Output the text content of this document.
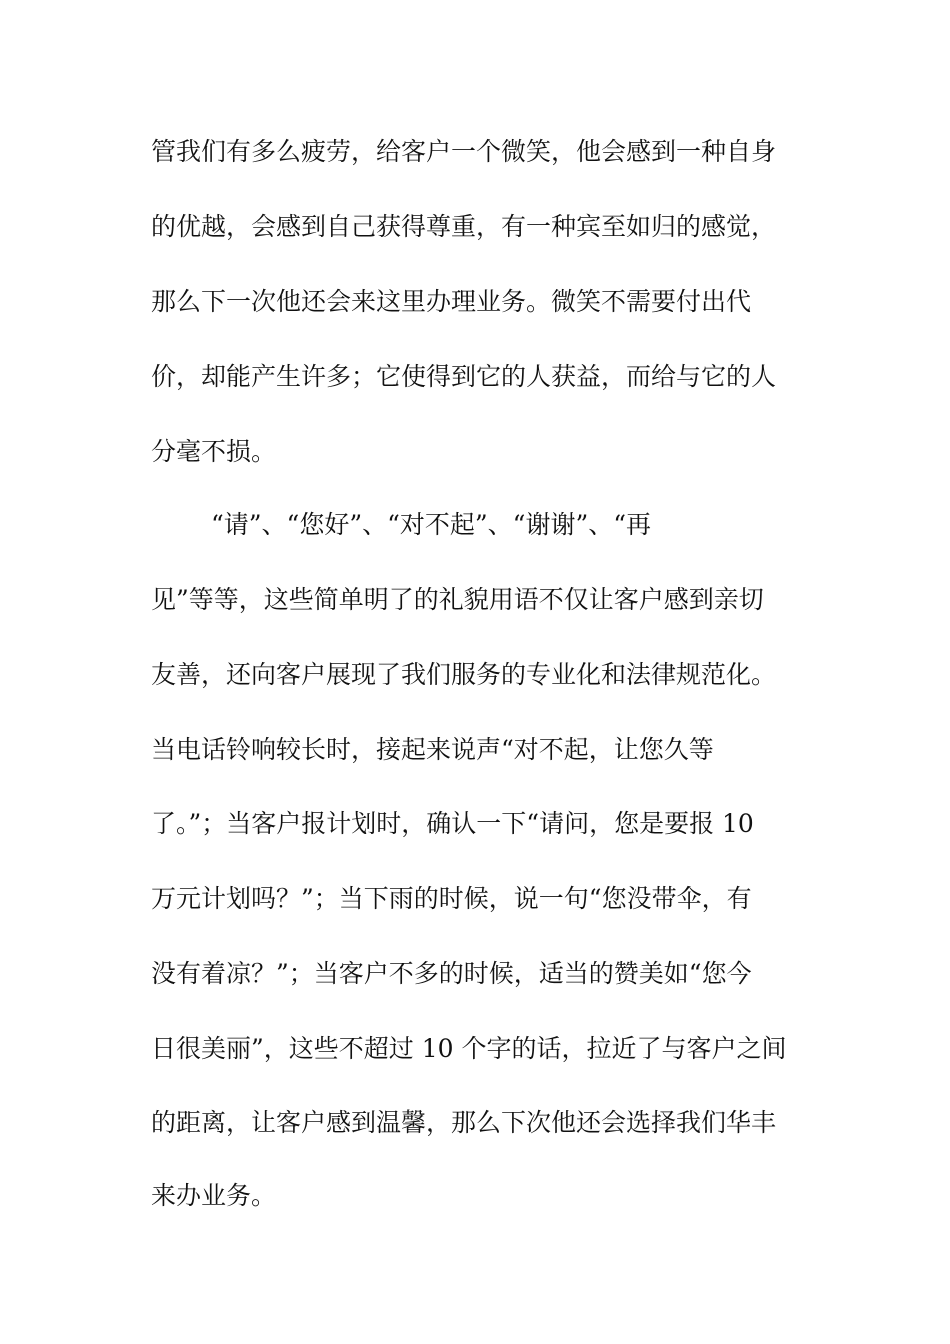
管我们有多么疲劳，给客户一个微笑，他会感到一种自身
的优越，会感到自己获得尊重，有一种宾至如归的感觉，
那么下一次他还会来这里办理业务。微笑不需要付出代
价，却能产生许多；它使得到它的人获益，而给与它的人
分毫不损。
“请”、“您好”、“对不起”、“谢谢”、“再
见”等等，这些简单明了的礼貌用语不仅让客户感到亲切
友善，还向客户展现了我们服务的专业化和法律规范化。
当电话铃响较长时，接起来说声“对不起，让您久等
了。”；当客户报计划时，确认一下“请问，您是要报 10
万元计划吗？”；当下雨的时候，说一句“您没带伞，有
没有着凉？”；当客户不多的时候，适当的赞美如“您今
日很美丽”，这些不超过 10 个字的话，拉近了与客户之间
的距离，让客户感到温馨，那么下次他还会选择我们华丰
来办业务。
